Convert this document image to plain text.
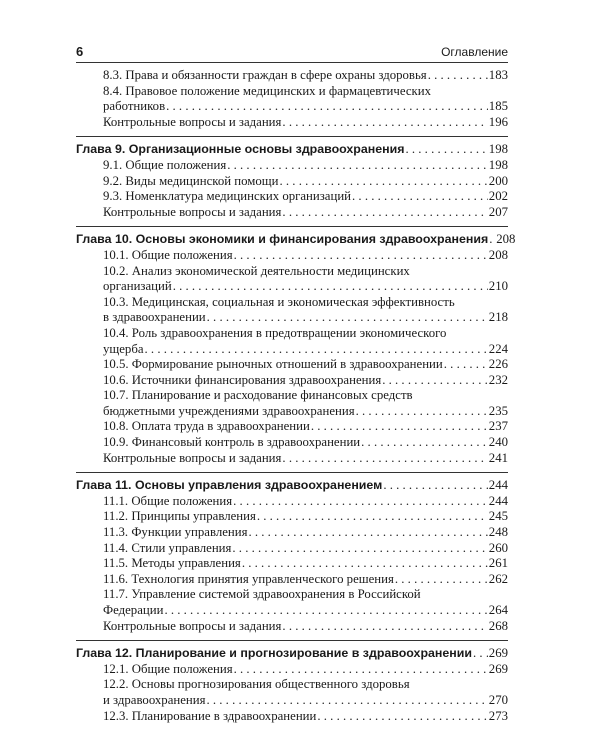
6	Оглавление
8.3. Права и обязанности граждан в сфере охраны здоровья . . .	183
8.4. Правовое положение медицинских и фармацевтических
работников . . .	185
Контрольные вопросы и задания . . .	196
Глава 9. Организационные основы здравоохранения . . .	198
9.1. Общие положения . . .	198
9.2. Виды медицинской помощи . . .	200
9.3. Номенклатура медицинских организаций . . .	202
Контрольные вопросы и задания . . .	207
Глава 10. Основы экономики и финансирования здравоохранения . . . 208
10.1. Общие положения . . .	208
10.2. Анализ экономической деятельности медицинских
организаций . . .	210
10.3. Медицинская, социальная и экономическая эффективность
в здравоохранении . . .	218
10.4. Роль здравоохранения в предотвращении экономического
ущерба . . .	224
10.5. Формирование рыночных отношений в здравоохранении . . .	226
10.6. Источники финансирования здравоохранения . . .	232
10.7. Планирование и расходование финансовых средств
бюджетными учреждениями здравоохранения . . .	235
10.8. Оплата труда в здравоохранении . . .	237
10.9. Финансовый контроль в здравоохранении . . .	240
Контрольные вопросы и задания . . .	241
Глава 11. Основы управления здравоохранением . . .	244
11.1. Общие положения . . .	244
11.2. Принципы управления . . .	245
11.3. Функции управления . . .	248
11.4. Стили управления . . .	260
11.5. Методы управления . . .	261
11.6. Технология принятия управленческого решения . . .	262
11.7. Управление системой здравоохранения в Российской
Федерации . . .	264
Контрольные вопросы и задания . . .	268
Глава 12. Планирование и прогнозирование в здравоохранении . . . 269
12.1. Общие положения . . .	269
12.2. Основы прогнозирования общественного здоровья
и здравоохранения . . .	270
12.3. Планирование в здравоохранении . . .	273
